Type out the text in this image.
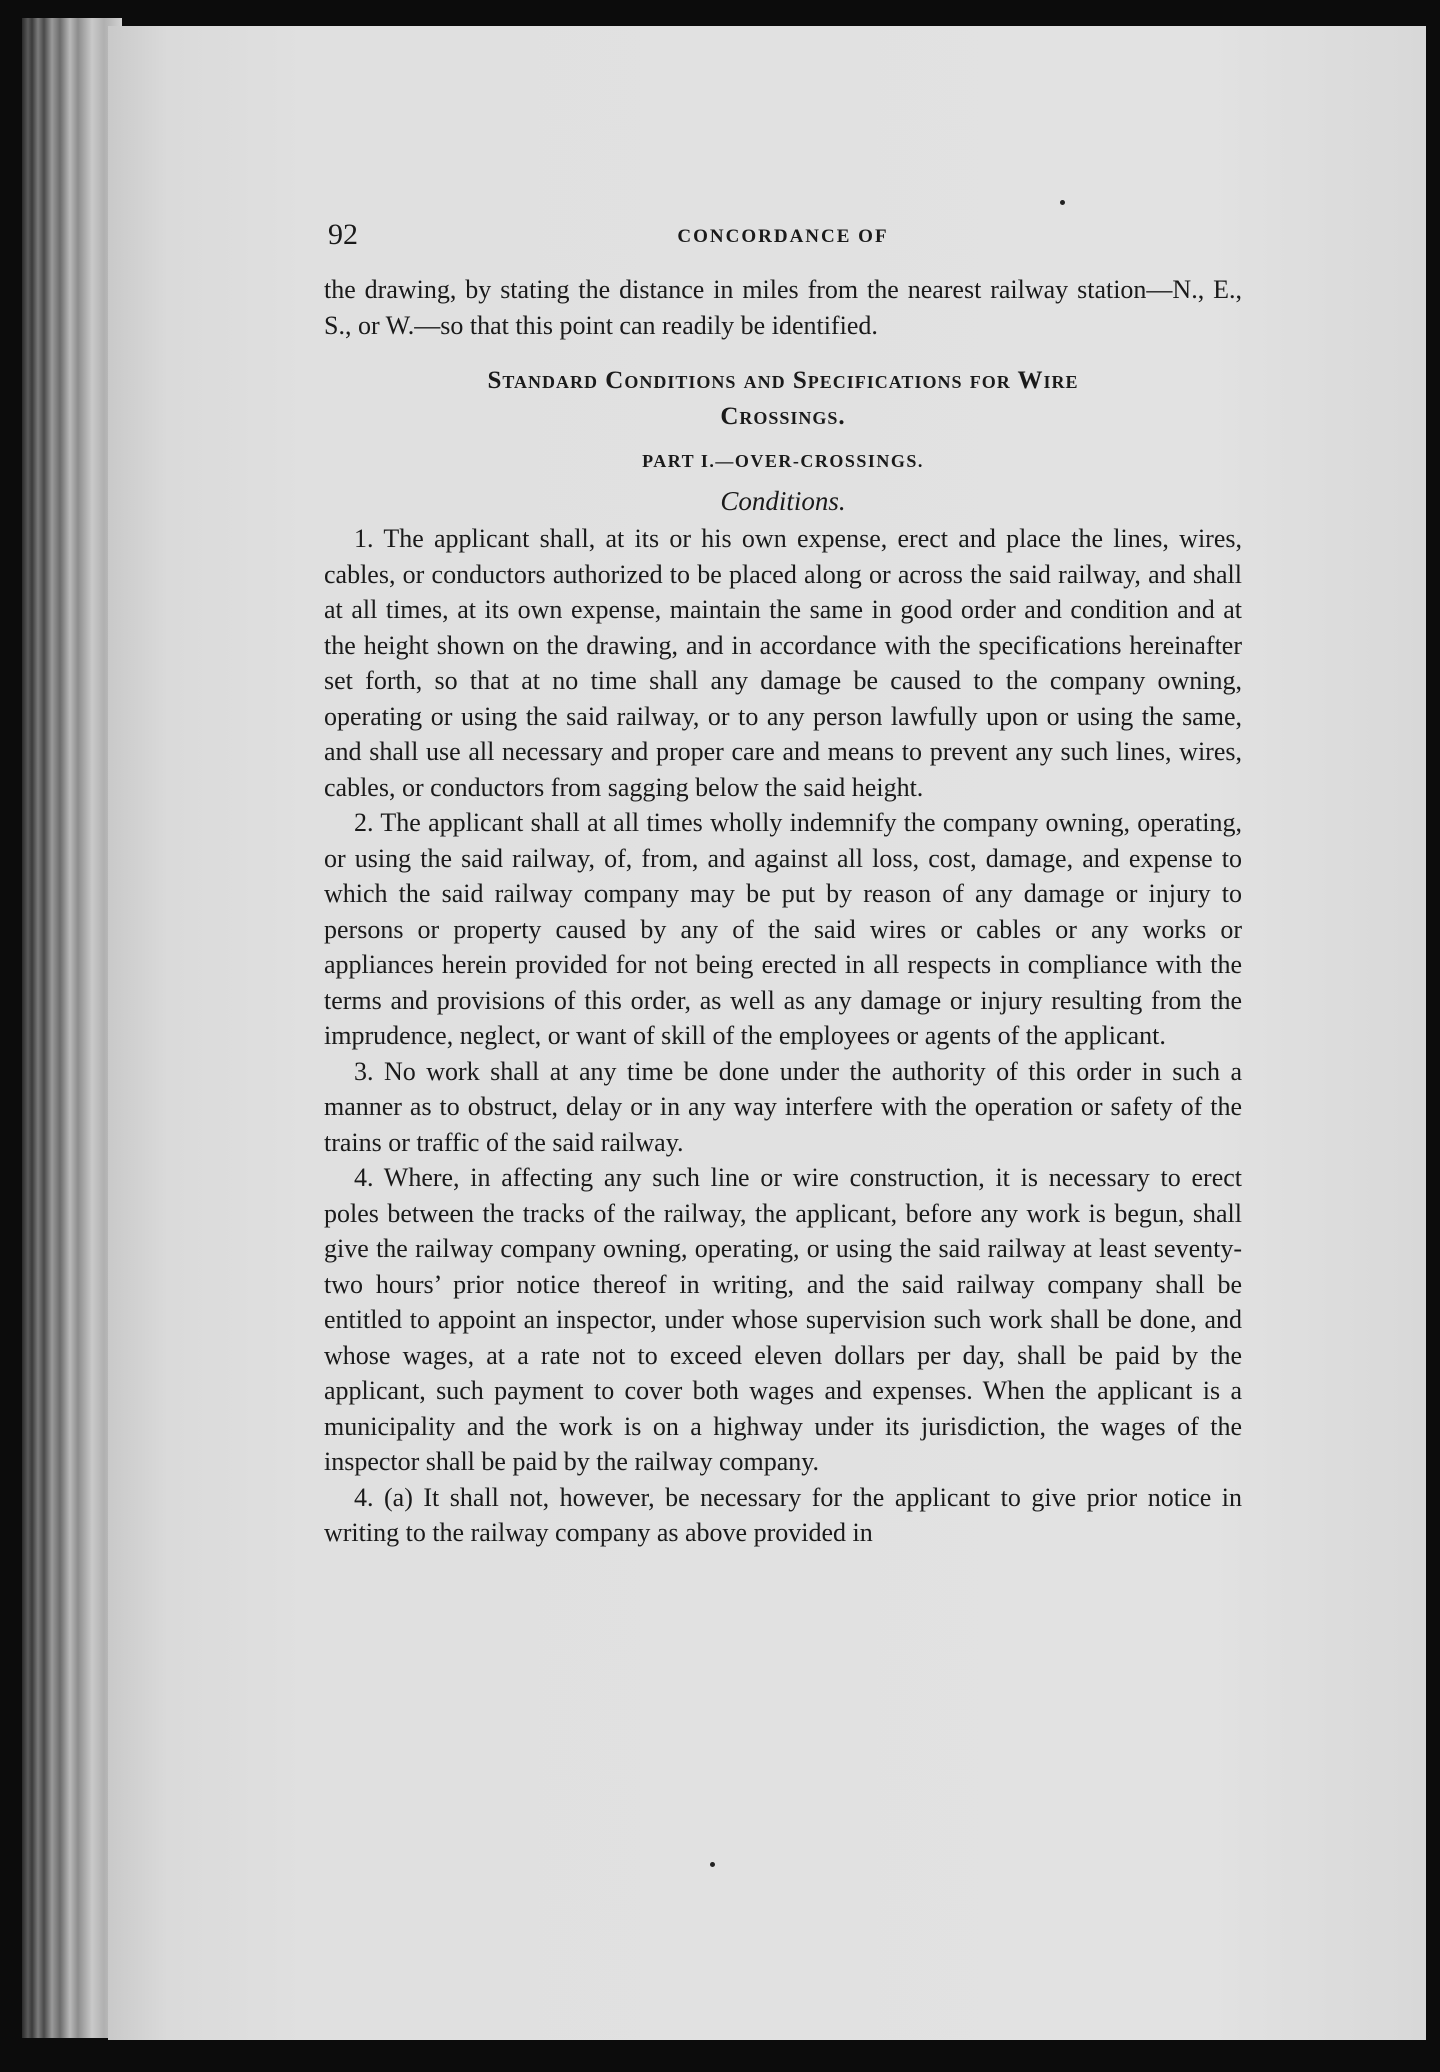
92	CONCORDANCE OF

the drawing, by stating the distance in miles from the nearest railway station—N., E., S., or W.—so that this point can readily be identified.

Standard Conditions and Specifications for Wire
Crossings.
PART I.—OVER-CROSSINGS.
Conditions.

1. The applicant shall, at its or his own expense, erect and place the lines, wires, cables, or conductors authorized to be placed along or across the said railway, and shall at all times, at its own expense, maintain the same in good order and condition and at the height shown on the drawing, and in accordance with the specifications hereinafter set forth, so that at no time shall any damage be caused to the company owning, operating or using the said railway, or to any person lawfully upon or using the same, and shall use all necessary and proper care and means to prevent any such lines, wires, cables, or conductors from sagging below the said height.

2. The applicant shall at all times wholly indemnify the company owning, operating, or using the said railway, of, from, and against all loss, cost, damage, and expense to which the said railway company may be put by reason of any damage or injury to persons or property caused by any of the said wires or cables or any works or appliances herein provided for not being erected in all respects in compliance with the terms and provisions of this order, as well as any damage or injury resulting from the imprudence, neglect, or want of skill of the employees or agents of the applicant.

3. No work shall at any time be done under the authority of this order in such a manner as to obstruct, delay or in any way interfere with the operation or safety of the trains or traffic of the said railway.

4. Where, in affecting any such line or wire construction, it is necessary to erect poles between the tracks of the railway, the applicant, before any work is begun, shall give the railway company owning, operating, or using the said railway at least seventy-two hours’ prior notice thereof in writing, and the said railway company shall be entitled to appoint an inspector, under whose supervision such work shall be done, and whose wages, at a rate not to exceed eleven dollars per day, shall be paid by the applicant, such payment to cover both wages and expenses. When the applicant is a municipality and the work is on a highway under its jurisdiction, the wages of the inspector shall be paid by the railway company.

4. (a) It shall not, however, be necessary for the applicant to give prior notice in writing to the railway company as above provided in
